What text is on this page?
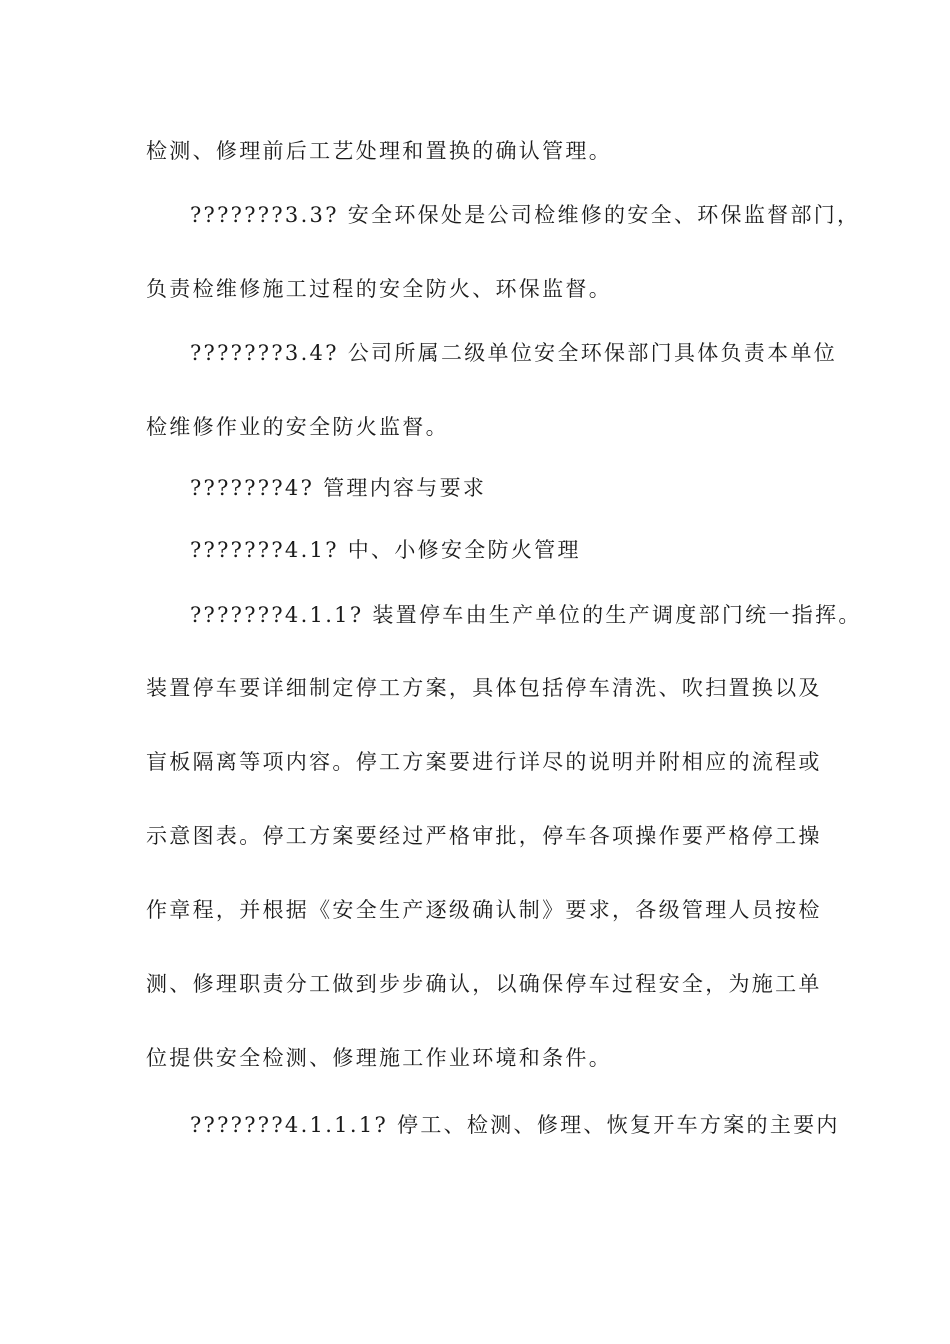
检测、修理前后工艺处理和置换的确认管理。
???????3.3? 安全环保处是公司检维修的安全、环保监督部门，
负责检维修施工过程的安全防火、环保监督。
???????3.4? 公司所属二级单位安全环保部门具体负责本单位
检维修作业的安全防火监督。
???????4? 管理内容与要求
???????4.1? 中、小修安全防火管理
???????4.1.1? 装置停车由生产单位的生产调度部门统一指挥。
装置停车要详细制定停工方案，具体包括停车清洗、吹扫置换以及
盲板隔离等项内容。停工方案要进行详尽的说明并附相应的流程或
示意图表。停工方案要经过严格审批，停车各项操作要严格停工操
作章程，并根据《安全生产逐级确认制》要求，各级管理人员按检
测、修理职责分工做到步步确认，以确保停车过程安全，为施工单
位提供安全检测、修理施工作业环境和条件。
???????4.1.1.1? 停工、检测、修理、恢复开车方案的主要内
